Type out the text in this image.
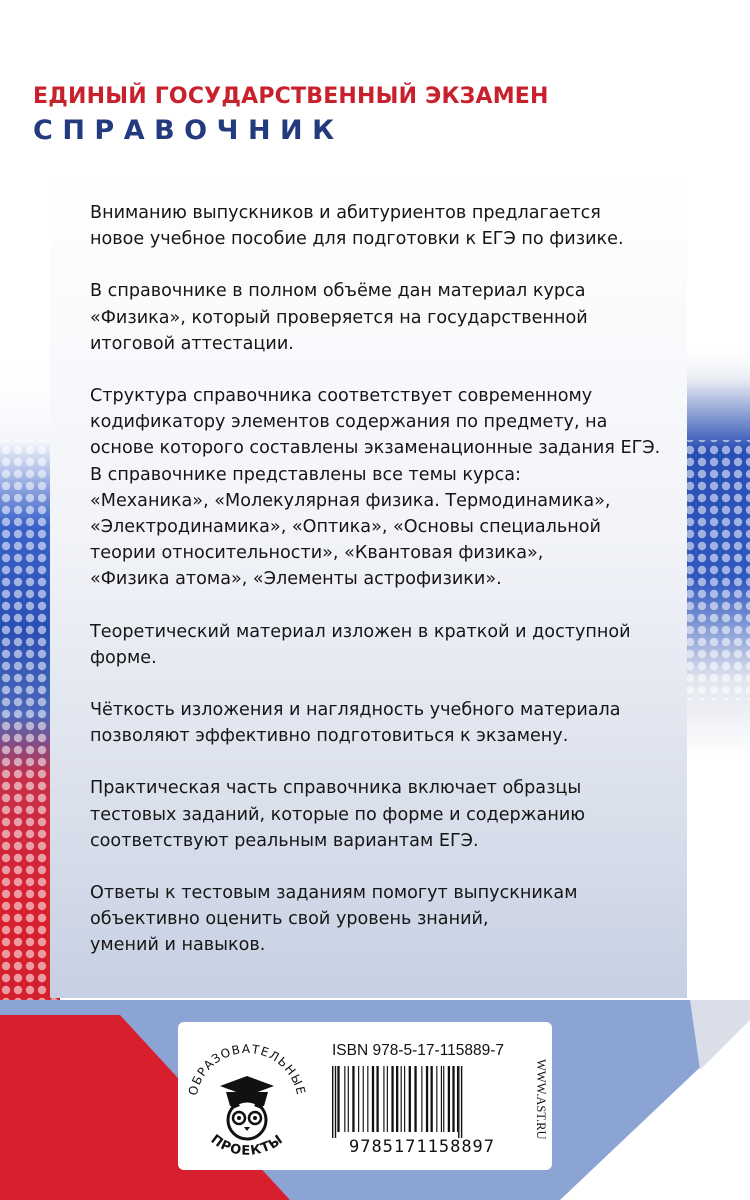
ЕДИНЫЙ ГОСУДАРСТВЕННЫЙ ЭКЗАМЕН
СПРАВОЧНИК

Вниманию выпускников и абитуриентов предлагается
новое учебное пособие для подготовки к ЕГЭ по физике.

В справочнике в полном объёме дан материал курса
«Физика», который проверяется на государственной
итоговой аттестации.

Структура справочника соответствует современному
кодификатору элементов содержания по предмету, на
основе которого составлены экзаменационные задания ЕГЭ.
В справочнике представлены все темы курса:
«Механика», «Молекулярная физика. Термодинамика»,
«Электродинамика», «Оптика», «Основы специальной
теории относительности», «Квантовая физика»,
«Физика атома», «Элементы астрофизики».

Теоретический материал изложен в краткой и доступной
форме.

Чёткость изложения и наглядность учебного материала
позволяют эффективно подготовиться к экзамену.

Практическая часть справочника включает образцы
тестовых заданий, которые по форме и содержанию
соответствуют реальным вариантам ЕГЭ.

Ответы к тестовым заданиям помогут выпускникам
объективно оценить свой уровень знаний,
умений и навыков.

ОБРАЗОВАТЕЛЬНЫЕ
ПРОЕКТЫ
ISBN 978-5-17-115889-7
9785171158897
WWW.AST.RU
